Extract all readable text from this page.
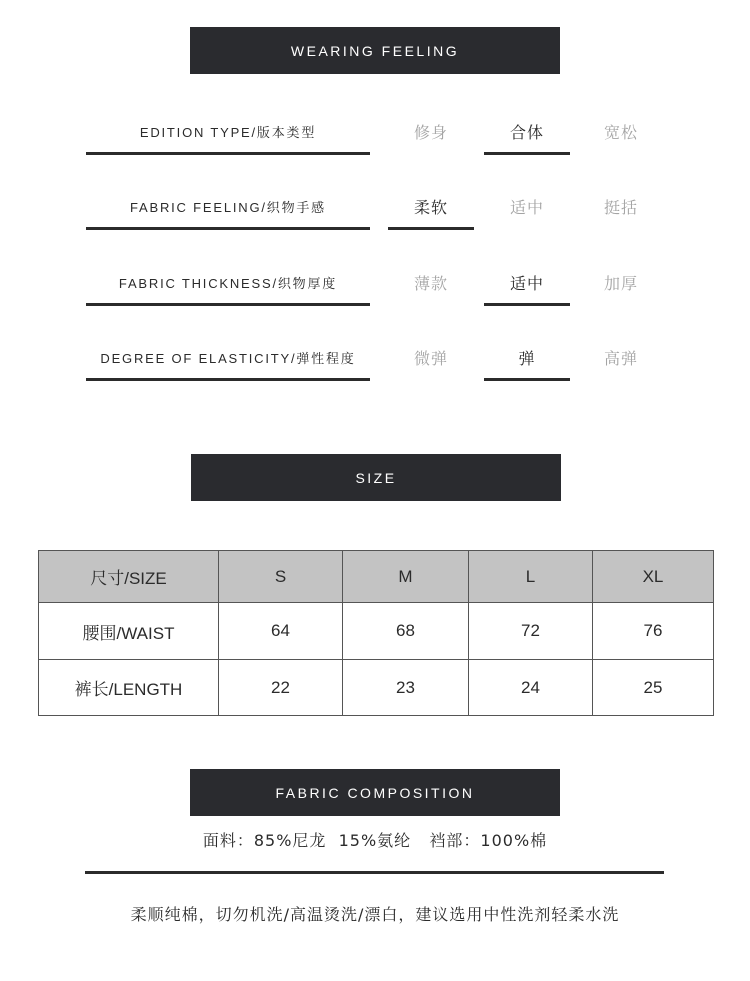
WEARING FEELING
EDITION TYPE/版本类型	修身	合体	宽松
FABRIC FEELING/织物手感	柔软	适中	挺括
FABRIC THICKNESS/织物厚度	薄款	适中	加厚
DEGREE OF ELASTICITY/弹性程度	微弹	弹	高弹
SIZE
尺寸/SIZE	S	M	L	XL
腰围/WAIST	64	68	72	76
裤长/LENGTH	22	23	24	25
FABRIC COMPOSITION
面料：85%尼龙  15%氨纶   裆部：100%棉
柔顺纯棉，切勿机洗/高温烫洗/漂白，建议选用中性洗剂轻柔水洗
